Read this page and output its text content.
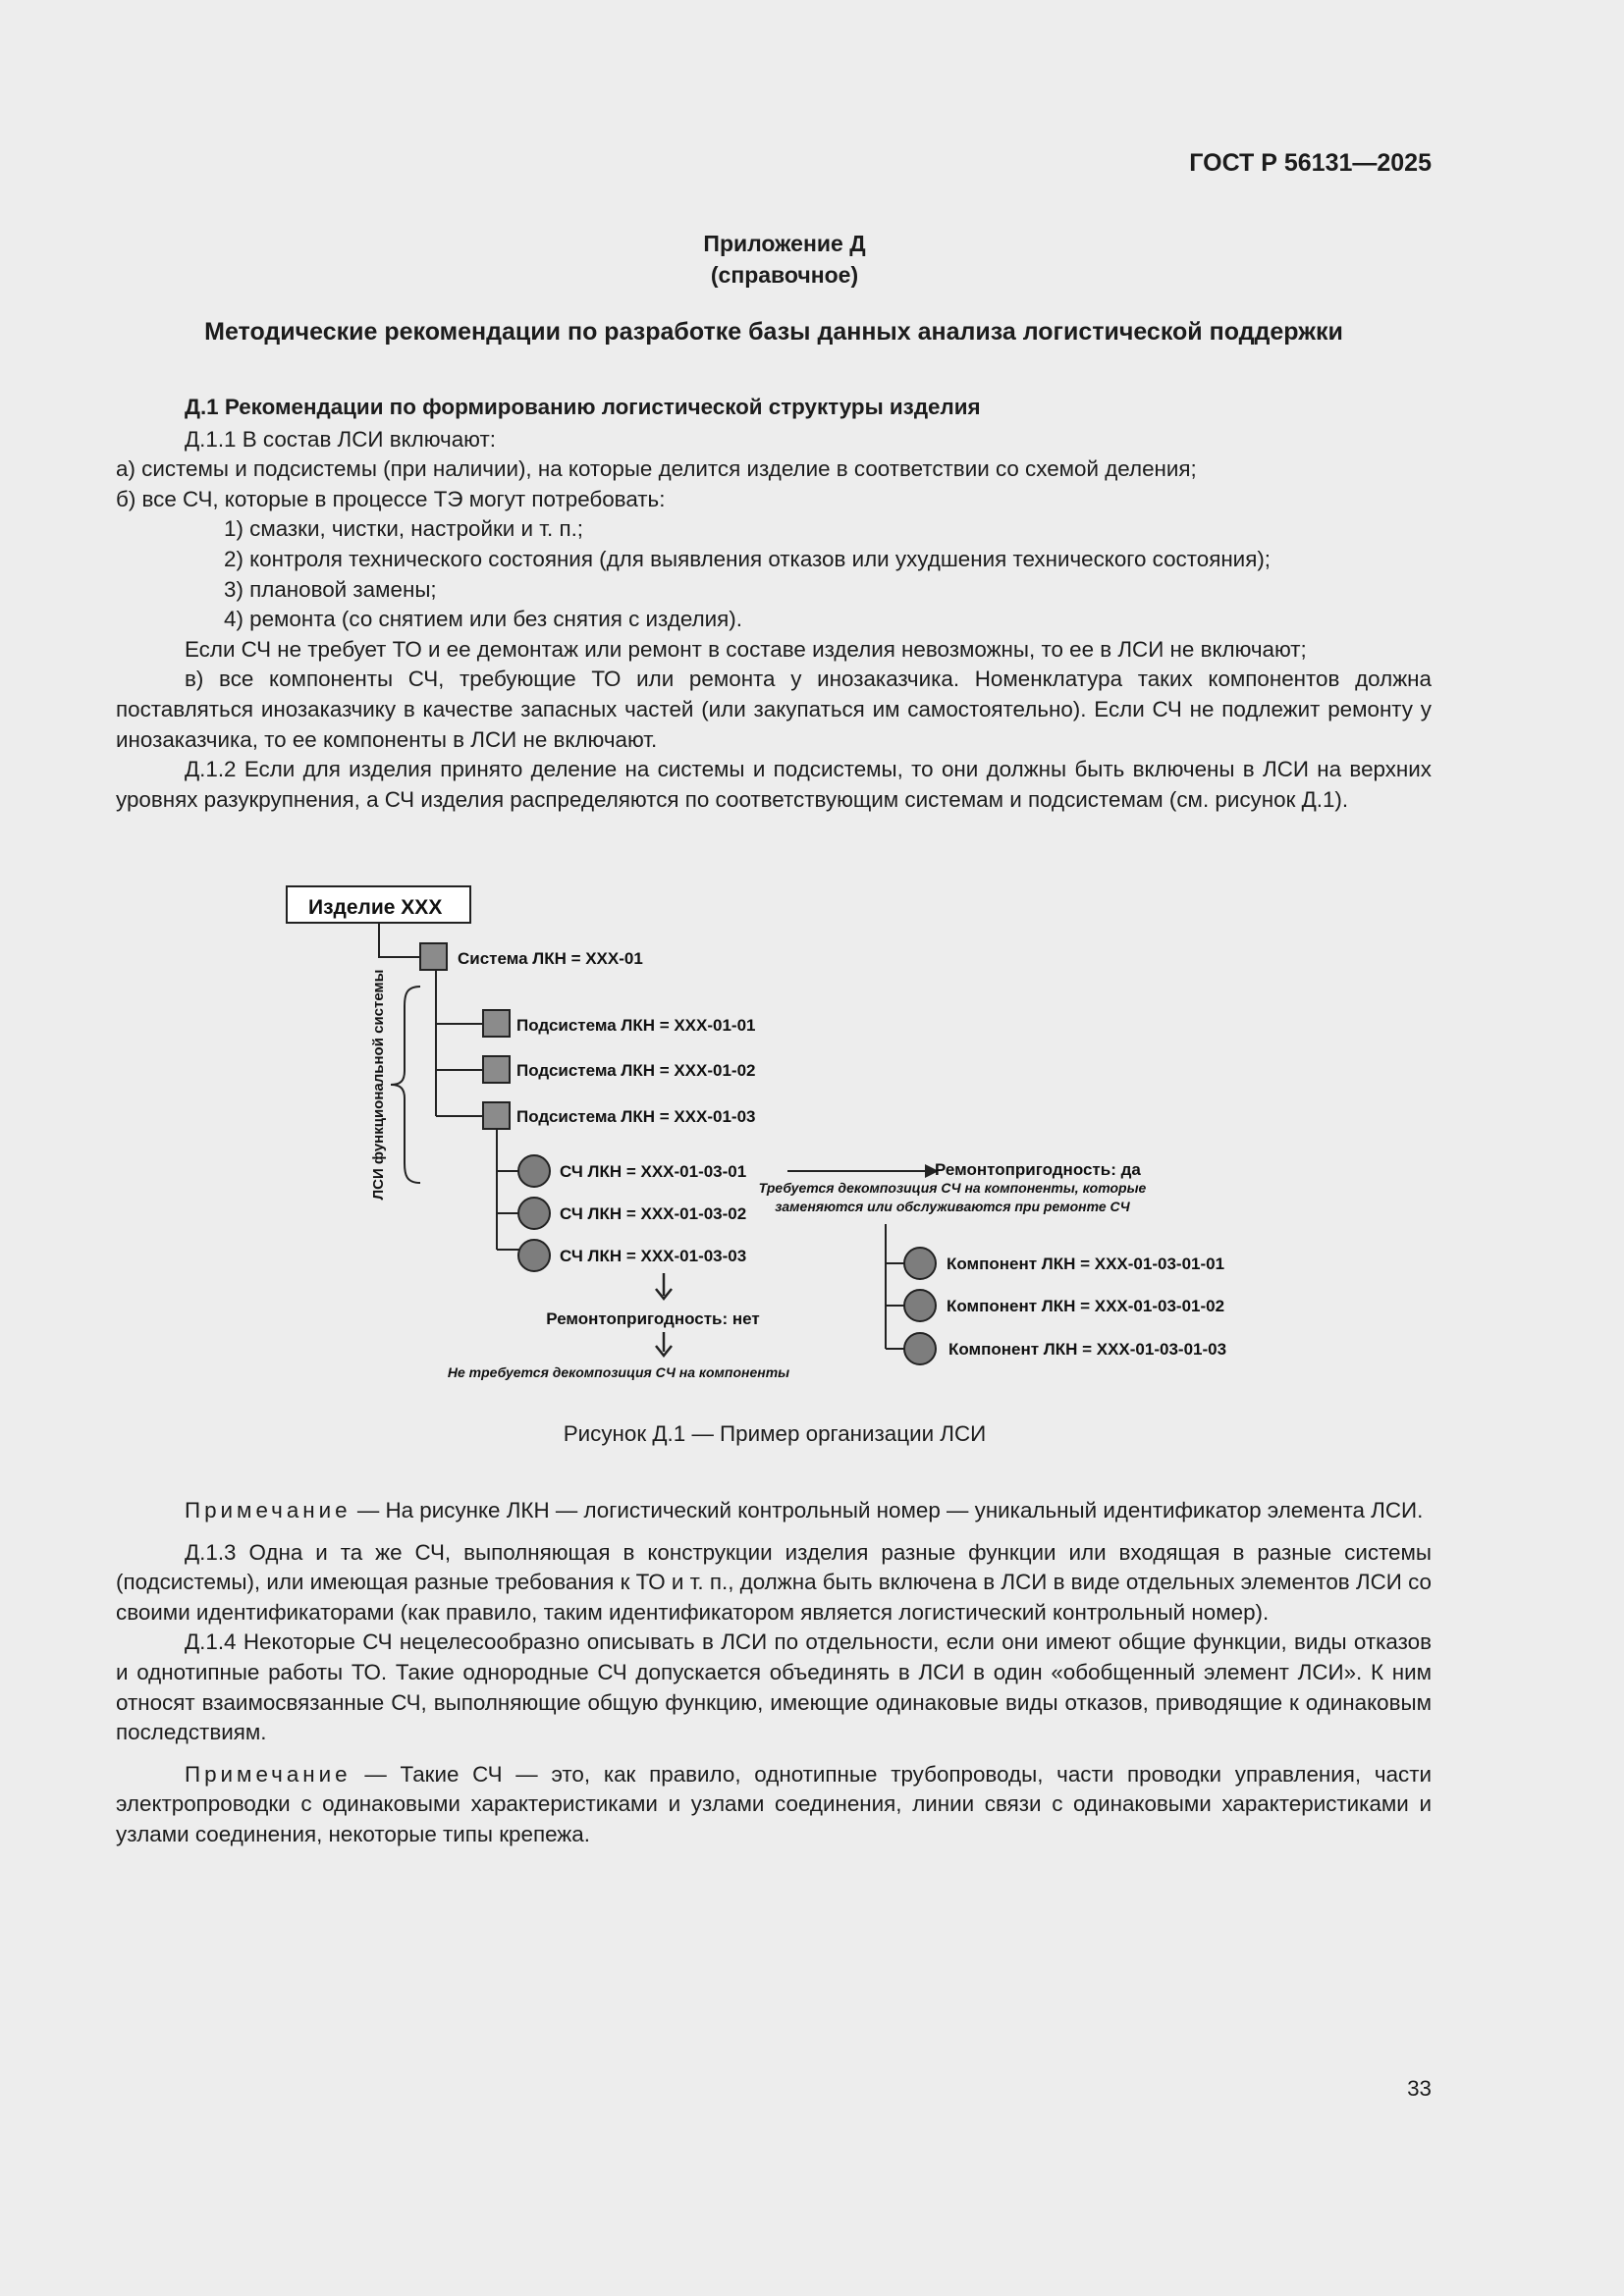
ГОСТ Р 56131—2025
Приложение Д
(справочное)
Методические рекомендации по разработке базы данных анализа логистической поддержки

Д.1 Рекомендации по формированию логистической структуры изделия

Д.1.1 В состав ЛСИ включают:

а) системы и подсистемы (при наличии), на которые делится изделие в соответствии со схемой деления;

б) все СЧ, которые в процессе ТЭ могут потребовать:

1) смазки, чистки, настройки и т. п.;

2) контроля технического состояния (для выявления отказов или ухудшения технического состояния);

3) плановой замены;

4) ремонта (со снятием или без снятия с изделия).

Если СЧ не требует ТО и ее демонтаж или ремонт в составе изделия невозможны, то ее в ЛСИ не включают;

в) все компоненты СЧ, требующие ТО или ремонта у инозаказчика. Номенклатура таких компонентов должна поставляться инозаказчику в качестве запасных частей (или закупаться им самостоятельно). Если СЧ не подлежит ремонту у инозаказчика, то ее компоненты в ЛСИ не включают.

Д.1.2 Если для изделия принято деление на системы и подсистемы, то они должны быть включены в ЛСИ на верхних уровнях разукрупнения, а СЧ изделия распределяются по соответствующим системам и подсистемам (см. рисунок Д.1).

Изделие ХХХ
Система ЛКН = ХХХ-01
Подсистема ЛКН = ХХХ-01-01
Подсистема ЛКН = ХХХ-01-02
Подсистема ЛКН = ХХХ-01-03
ЛСИ функциональной системы	СЧ ЛКН = ХХХ-01-03-01
СЧ ЛКН = ХХХ-01-03-02
СЧ ЛКН = ХХХ-01-03-03
Ремонтопригодность: да
Требуется декомпозиция СЧ на компоненты, которые
заменяются или обслуживаются при ремонте СЧ
Компонент ЛКН = ХХХ-01-03-01-01
Компонент ЛКН = ХХХ-01-03-01-02
Компонент ЛКН = ХХХ-01-03-01-03
Ремонтопригодность: нет
Не требуется декомпозиция СЧ на компоненты
Рисунок Д.1 — Пример организации ЛСИ

Примечание — На рисунке ЛКН — логистический контрольный номер — уникальный идентификатор элемента ЛСИ.

Д.1.3 Одна и та же СЧ, выполняющая в конструкции изделия разные функции или входящая в разные системы (подсистемы), или имеющая разные требования к ТО и т. п., должна быть включена в ЛСИ в виде отдельных элементов ЛСИ со своими идентификаторами (как правило, таким идентификатором является логистический контрольный номер).

Д.1.4 Некоторые СЧ нецелесообразно описывать в ЛСИ по отдельности, если они имеют общие функции, виды отказов и однотипные работы ТО. Такие однородные СЧ допускается объединять в ЛСИ в один «обобщенный элемент ЛСИ». К ним относят взаимосвязанные СЧ, выполняющие общую функцию, имеющие одинаковые виды отказов, приводящие к одинаковым последствиям.

Примечание — Такие СЧ — это, как правило, однотипные трубопроводы, части проводки управления, части электропроводки с одинаковыми характеристиками и узлами соединения, линии связи с одинаковыми характеристиками и узлами соединения, некоторые типы крепежа.

33
